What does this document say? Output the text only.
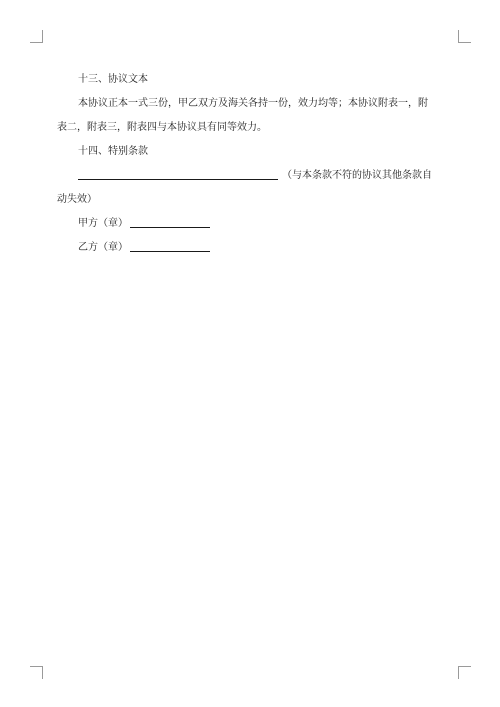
十三、协议文本
本协议正本一式三份，甲乙双方及海关各持一份，效力均等；本协议附表一，附
表二，附表三，附表四与本协议具有同等效力。
十四、特别条款
（与本条款不符的协议其他条款自
动失效）
甲方（章）
乙方（章）
